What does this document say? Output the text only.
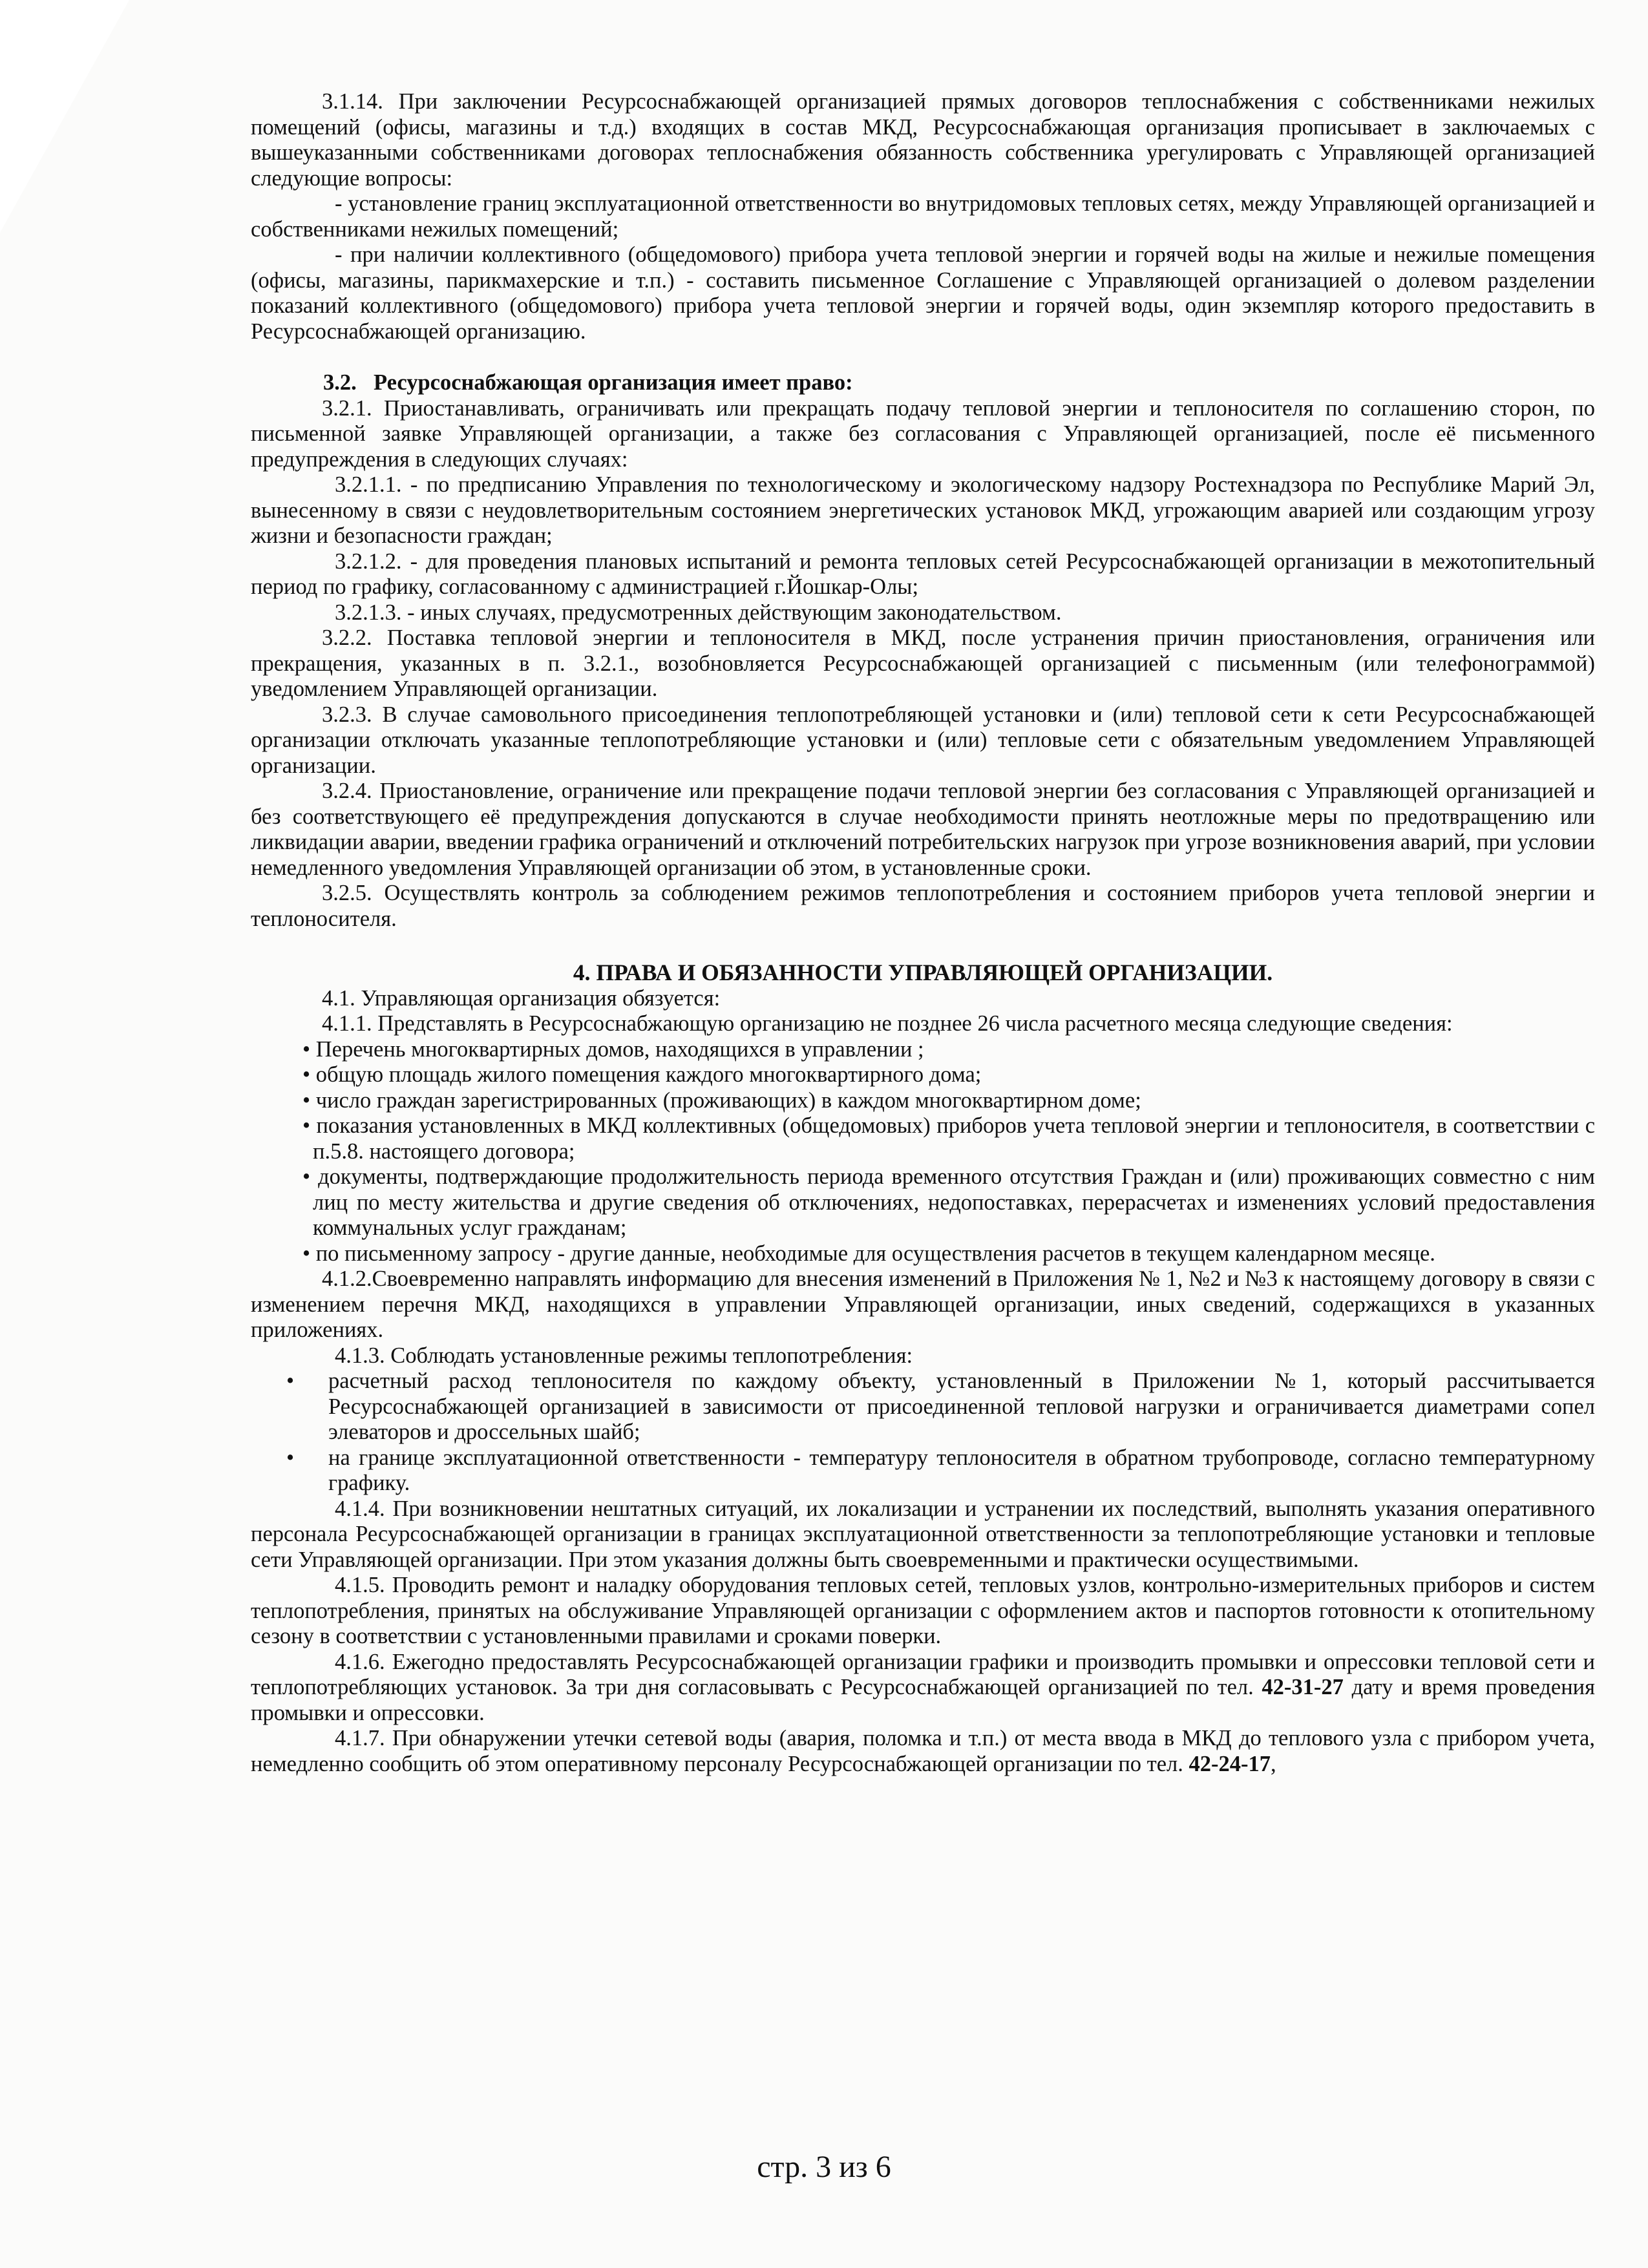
3.1.14. При заключении Ресурсоснабжающей организацией прямых договоров теплоснабжения с собственниками нежилых помещений (офисы, магазины и т.д.) входящих в состав МКД, Ресурсоснабжающая организация прописывает в заключаемых с вышеуказанными собственниками договорах теплоснабжения обязанность собственника урегулировать с Управляющей организацией следующие вопросы:

- установление границ эксплуатационной ответственности во внутридомовых тепловых сетях, между Управляющей организацией и собственниками нежилых помещений;

- при наличии коллективного (общедомового) прибора учета тепловой энергии и горячей воды на жилые и нежилые помещения (офисы, магазины, парикмахерские и т.п.) - составить письменное Соглашение с Управляющей организацией о долевом разделении показаний коллективного (общедомового) прибора учета тепловой энергии и горячей воды, один экземпляр которого предоставить в Ресурсоснабжающей организацию.

3.2. Ресурсоснабжающая организация имеет право:

3.2.1. Приостанавливать, ограничивать или прекращать подачу тепловой энергии и теплоносителя по соглашению сторон, по письменной заявке Управляющей организации, а также без согласования с Управляющей организацией, после её письменного предупреждения в следующих случаях:

3.2.1.1. - по предписанию Управления по технологическому и экологическому надзору Ростехнадзора по Республике Марий Эл, вынесенному в связи с неудовлетворительным состоянием энергетических установок МКД, угрожающим аварией или создающим угрозу жизни и безопасности граждан;

3.2.1.2. - для проведения плановых испытаний и ремонта тепловых сетей Ресурсоснабжающей организации в межотопительный период по графику, согласованному с администрацией г.Йошкар-Олы;

3.2.1.3. - иных случаях, предусмотренных действующим законодательством.

3.2.2. Поставка тепловой энергии и теплоносителя в МКД, после устранения причин приостановления, ограничения или прекращения, указанных в п. 3.2.1., возобновляется Ресурсоснабжающей организацией с письменным (или телефонограммой) уведомлением Управляющей организации.

3.2.3. В случае самовольного присоединения теплопотребляющей установки и (или) тепловой сети к сети Ресурсоснабжающей организации отключать указанные теплопотребляющие установки и (или) тепловые сети с обязательным уведомлением Управляющей организации.

3.2.4. Приостановление, ограничение или прекращение подачи тепловой энергии без согласования с Управляющей организацией и без соответствующего её предупреждения допускаются в случае необходимости принять неотложные меры по предотвращению или ликвидации аварии, введении графика ограничений и отключений потребительских нагрузок при угрозе возникновения аварий, при условии немедленного уведомления Управляющей организации об этом, в установленные сроки.

3.2.5. Осуществлять контроль за соблюдением режимов теплопотребления и состоянием приборов учета тепловой энергии и теплоносителя.

4. ПРАВА И ОБЯЗАННОСТИ УПРАВЛЯЮЩЕЙ ОРГАНИЗАЦИИ.

4.1. Управляющая организация обязуется:

4.1.1. Представлять в Ресурсоснабжающую организацию не позднее 26 числа расчетного месяца следующие сведения:

• Перечень многоквартирных домов, находящихся в управлении ;

• общую площадь жилого помещения каждого многоквартирного дома;

• число граждан зарегистрированных (проживающих) в каждом многоквартирном доме;

• показания установленных в МКД коллективных (общедомовых) приборов учета тепловой энергии и теплоносителя, в соответствии с п.5.8. настоящего договора;

• документы, подтверждающие продолжительность периода временного отсутствия Граждан и (или) проживающих совместно с ним лиц по месту жительства и другие сведения об отключениях, недопоставках, перерасчетах и изменениях условий предоставления коммунальных услуг гражданам;

• по письменному запросу - другие данные, необходимые для осуществления расчетов в текущем календарном месяце.

4.1.2.Своевременно направлять информацию для внесения изменений в Приложения № 1, №2 и №3 к настоящему договору в связи с изменением перечня МКД, находящихся в управлении Управляющей организации, иных сведений, содержащихся в указанных приложениях.

4.1.3. Соблюдать установленные режимы теплопотребления:

• расчетный расход теплоносителя по каждому объекту, установленный в Приложении №1, который рассчитывается Ресурсоснабжающей организацией в зависимости от присоединенной тепловой нагрузки и ограничивается диаметрами сопел элеваторов и дроссельных шайб;

• на границе эксплуатационной ответственности - температуру теплоносителя в обратном трубопроводе, согласно температурному графику.

4.1.4. При возникновении нештатных ситуаций, их локализации и устранении их последствий, выполнять указания оперативного персонала Ресурсоснабжающей организации в границах эксплуатационной ответственности за теплопотребляющие установки и тепловые сети Управляющей организации. При этом указания должны быть своевременными и практически осуществимыми.

4.1.5. Проводить ремонт и наладку оборудования тепловых сетей, тепловых узлов, контрольно-измерительных приборов и систем теплопотребления, принятых на обслуживание Управляющей организации с оформлением актов и паспортов готовности к отопительному сезону в соответствии с установленными правилами и сроками поверки.

4.1.6. Ежегодно предоставлять Ресурсоснабжающей организации графики и производить промывки и опрессовки тепловой сети и теплопотребляющих установок. За три дня согласовывать с Ресурсоснабжающей организацией по тел. 42-31-27 дату и время проведения промывки и опрессовки.

4.1.7. При обнаружении утечки сетевой воды (авария, поломка и т.п.) от места ввода в МКД до теплового узла с прибором учета, немедленно сообщить об этом оперативному персоналу Ресурсоснабжающей организации по тел. 42-24-17,

стр. 3 из 6
